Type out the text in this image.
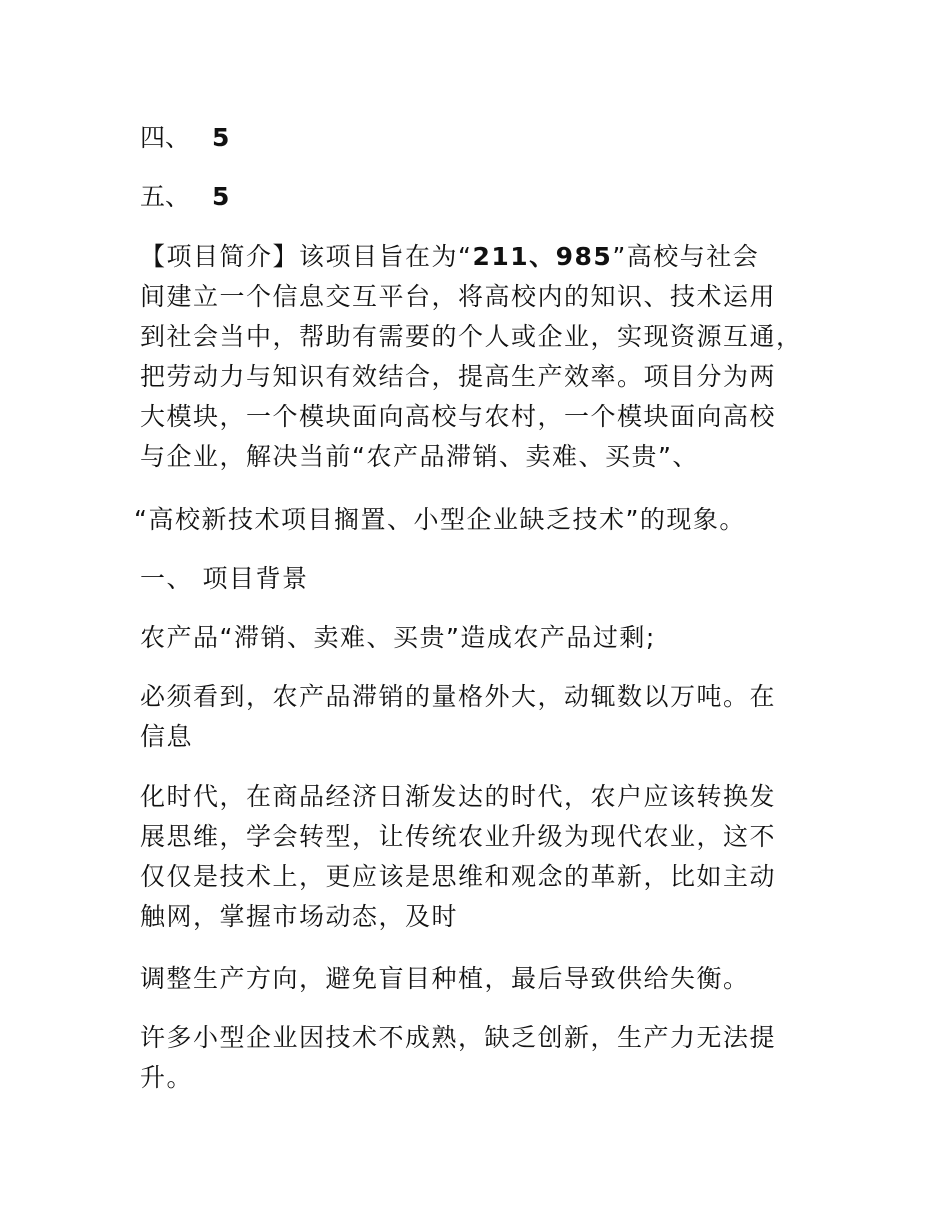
四、 5

五、 5

【项目简介】该项目旨在为“211、985”高校与社会
间建立一个信息交互平台，将高校内的知识、技术运用
到社会当中，帮助有需要的个人或企业，实现资源互通，
把劳动力与知识有效结合，提高生产效率。项目分为两
大模块，一个模块面向高校与农村，一个模块面向高校
与企业，解决当前“农产品滞销、卖难、买贵”、

“高校新技术项目搁置、小型企业缺乏技术”的现象。

一、 项目背景

农产品“滞销、卖难、买贵”造成农产品过剩;

必须看到，农产品滞销的量格外大，动辄数以万吨。在
信息

化时代，在商品经济日渐发达的时代，农户应该转换发
展思维，学会转型，让传统农业升级为现代农业，这不
仅仅是技术上，更应该是思维和观念的革新，比如主动
触网，掌握市场动态，及时

调整生产方向，避免盲目种植，最后导致供给失衡。

许多小型企业因技术不成熟，缺乏创新，生产力无法提
升。
